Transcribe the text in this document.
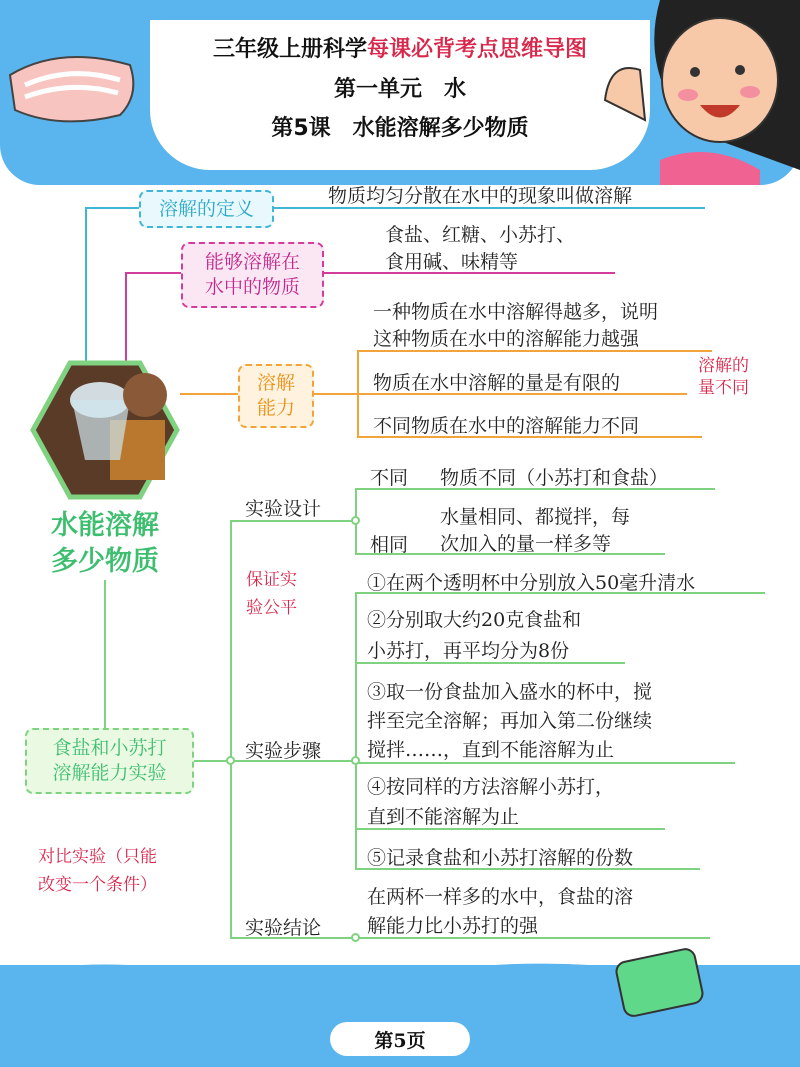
三年级上册科学每课必背考点思维导图
第一单元　水
第5课　水能溶解多少物质
水能溶解
多少物质
溶解的定义
物质均匀分散在水中的现象叫做溶解
能够溶解在
水中的物质
食盐、红糖、小苏打、
食用碱、味精等
溶解
能力
一种物质在水中溶解得越多，说明
这种物质在水中的溶解能力越强
物质在水中溶解的量是有限的
不同物质在水中的溶解能力不同
溶解的
量不同
食盐和小苏打
溶解能力实验
对比实验（只能
改变一个条件）
实验设计
不同 物质不同（小苏打和食盐）
相同
水量相同、都搅拌，每
次加入的量一样多等
保证实
验公平
实验步骤
①在两个透明杯中分别放入50毫升清水
②分别取大约20克食盐和
小苏打，再平均分为8份
③取一份食盐加入盛水的杯中，搅
拌至完全溶解；再加入第二份继续
搅拌……，直到不能溶解为止
④按同样的方法溶解小苏打，
直到不能溶解为止
⑤记录食盐和小苏打溶解的份数
实验结论
在两杯一样多的水中，食盐的溶
解能力比小苏打的强
第5页
